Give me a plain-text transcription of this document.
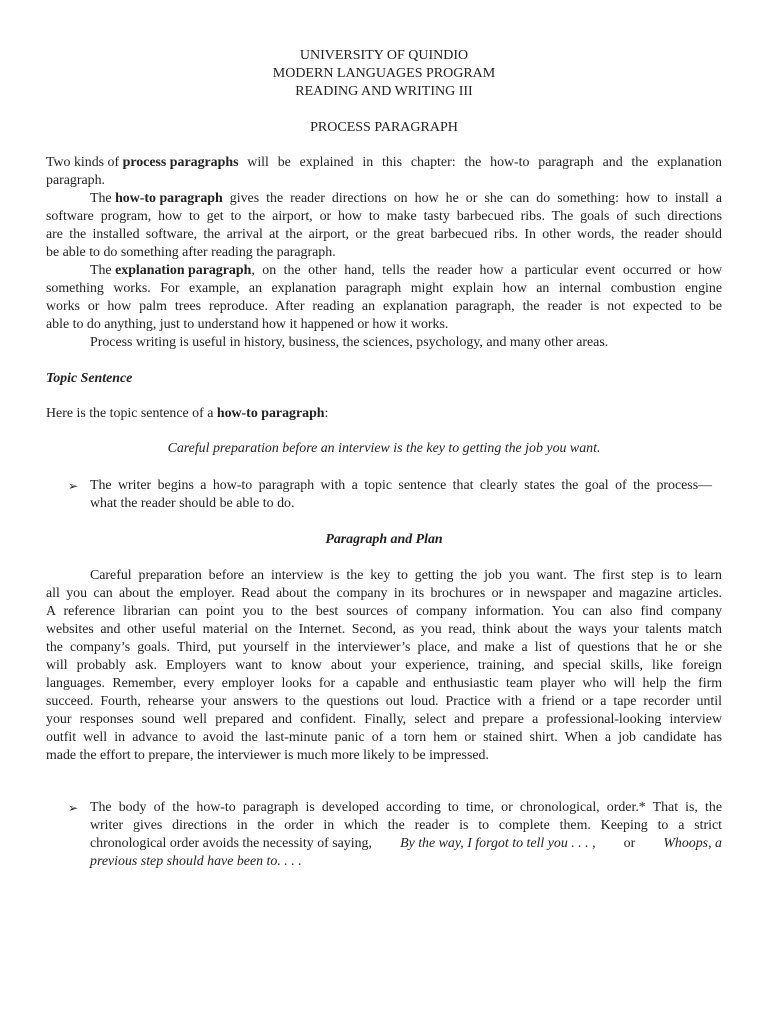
UNIVERSITY OF QUINDIO
MODERN LANGUAGES PROGRAM
READING AND WRITING III
PROCESS PARAGRAPH
Two kinds of process paragraphs will be explained in this chapter: the how-to paragraph and the explanation
paragraph.
The how-to paragraph gives the reader directions on how he or she can do something: how to install a
software program, how to get to the airport, or how to make tasty barbecued ribs. The goals of such directions
are the installed software, the arrival at the airport, or the great barbecued ribs. In other words, the reader should
be able to do something after reading the paragraph.
The explanation paragraph , on the other hand, tells the reader how a particular event occurred or how
something works. For example, an explanation paragraph might explain how an internal combustion engine
works or how palm trees reproduce. After reading an explanation paragraph, the reader is not expected to be
able to do anything, just to understand how it happened or how it works.
Process writing is useful in history, business, the sciences, psychology, and many other areas.
Topic Sentence
Here is the topic sentence of a how-to paragraph:
Careful preparation before an interview is the key to getting the job you want.
➢ The writer begins a how-to paragraph with a topic sentence that clearly states the goal of the process—
what the reader should be able to do.
Paragraph and Plan
Careful preparation before an interview is the key to getting the job you want. The first step is to learn
all you can about the employer. Read about the company in its brochures or in newspaper and magazine articles.
A reference librarian can point you to the best sources of company information. You can also find company
websites and other useful material on the Internet. Second, as you read, think about the ways your talents match
the company’s goals. Third, put yourself in the interviewer’s place, and make a list of questions that he or she
will probably ask. Employers want to know about your experience, training, and special skills, like foreign
languages. Remember, every employer looks for a capable and enthusiastic team player who will help the firm
succeed. Fourth, rehearse your answers to the questions out loud. Practice with a friend or a tape recorder until
your responses sound well prepared and confident. Finally, select and prepare a professional-looking interview
outfit well in advance to avoid the last-minute panic of a torn hem or stained shirt. When a job candidate has
made the effort to prepare, the interviewer is much more likely to be impressed.
➢ The body of the how-to paragraph is developed according to time, or chronological, order.* That is, the
writer gives directions in the order in which the reader is to complete them. Keeping to a strict
chronological order avoids the necessity of saying, By the way, I forgot to tell you . . . , or Whoops, a
previous step should have been to. . . .
